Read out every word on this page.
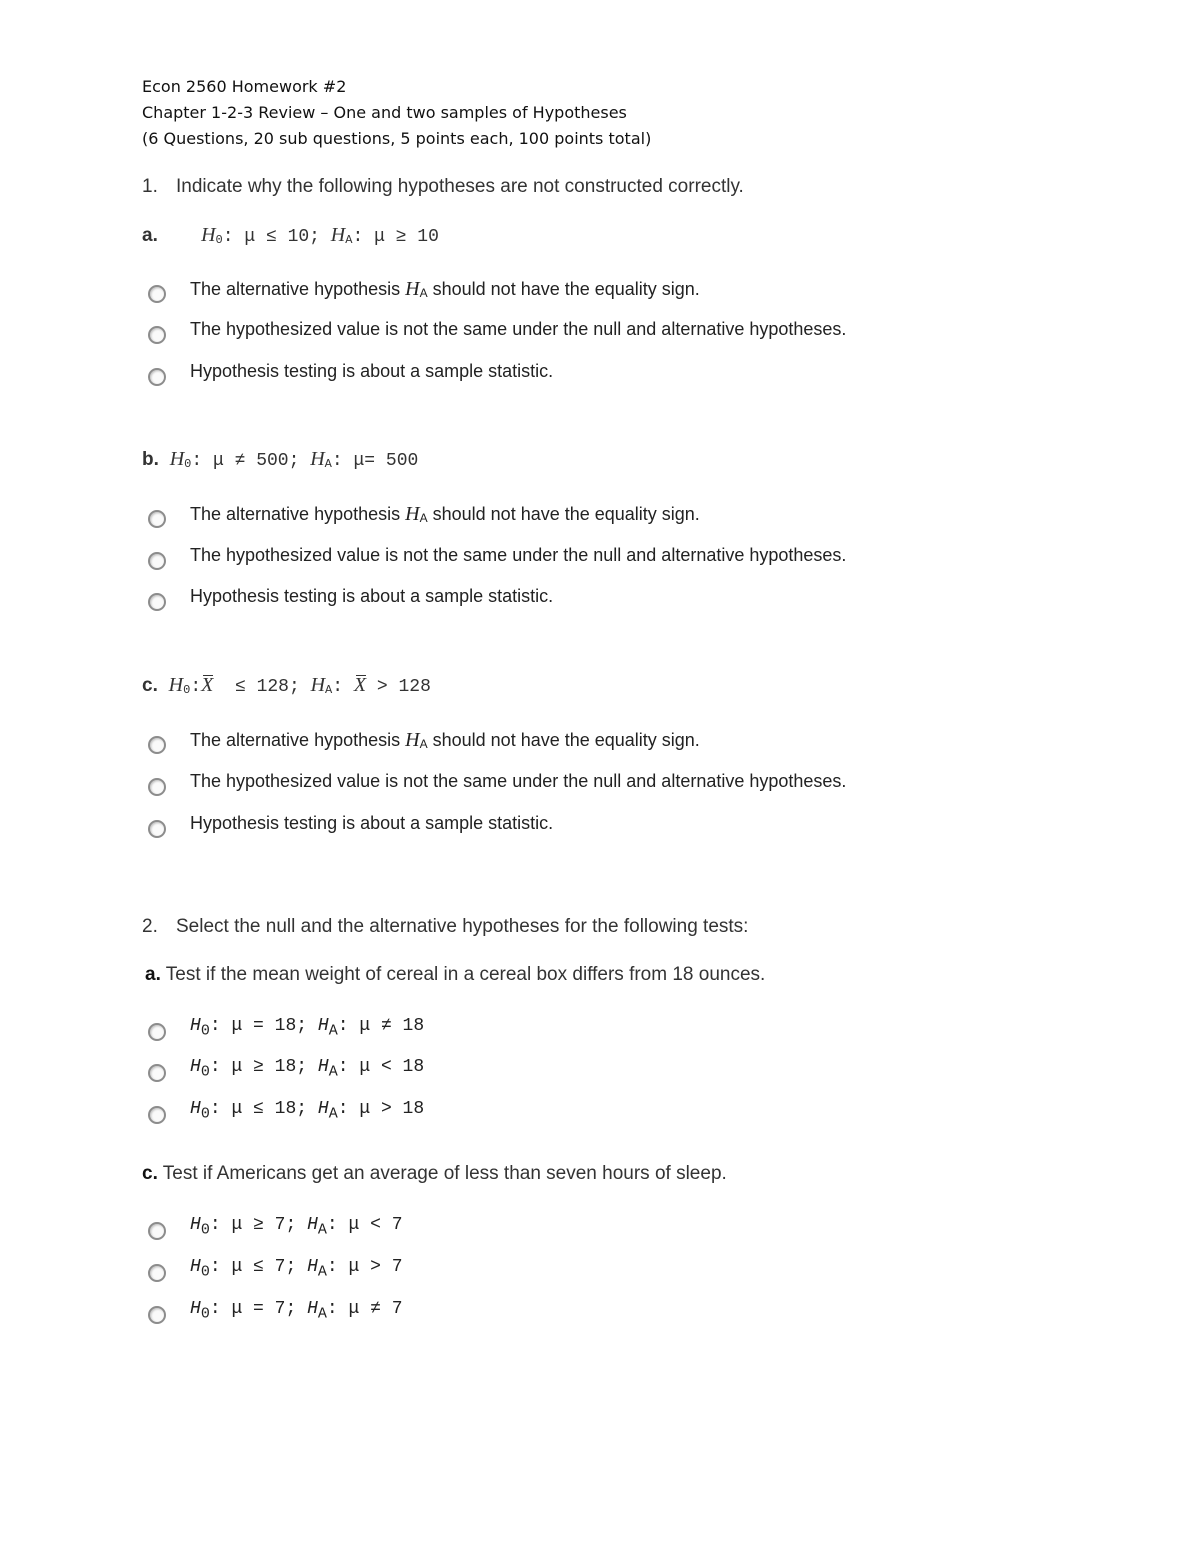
Econ 2560 Homework #2
Chapter 1-2-3 Review – One and two samples of Hypotheses
(6 Questions, 20 sub questions, 5 points each, 100 points total)
1. Indicate why the following hypotheses are not constructed correctly.
a. $H_0$: μ ≤ 10; $H_A$: μ ≥ 10
The alternative hypothesis $H_A$ should not have the equality sign.
The hypothesized value is not the same under the null and alternative hypotheses.
Hypothesis testing is about a sample statistic.
b. $H_0$: μ ≠ 500; $H_A$: μ= 500
The alternative hypothesis $H_A$ should not have the equality sign.
The hypothesized value is not the same under the null and alternative hypotheses.
Hypothesis testing is about a sample statistic.
c. $H_0:X \le 128$; $H_A$: X > 128
The alternative hypothesis $H_A$ should not have the equality sign.
The hypothesized value is not the same under the null and alternative hypotheses.
Hypothesis testing is about a sample statistic.
2. Select the null and the alternative hypotheses for the following tests:
a. Test if the mean weight of cereal in a cereal box differs from 18 ounces.
$H_0$: μ = 18; $H_A$: μ ≠ 18
$H_0$: μ ≥ 18; $H_A$: μ < 18
$H_0$: μ ≤ 18; $H_A$: μ > 18
c. Test if Americans get an average of less than seven hours of sleep.
$H_0$: μ ≥ 7; $H_A$: μ < 7
$H_0$: μ ≤ 7; $H_A$: μ > 7
$H_0$: μ = 7; $H_A$: μ ≠ 7
